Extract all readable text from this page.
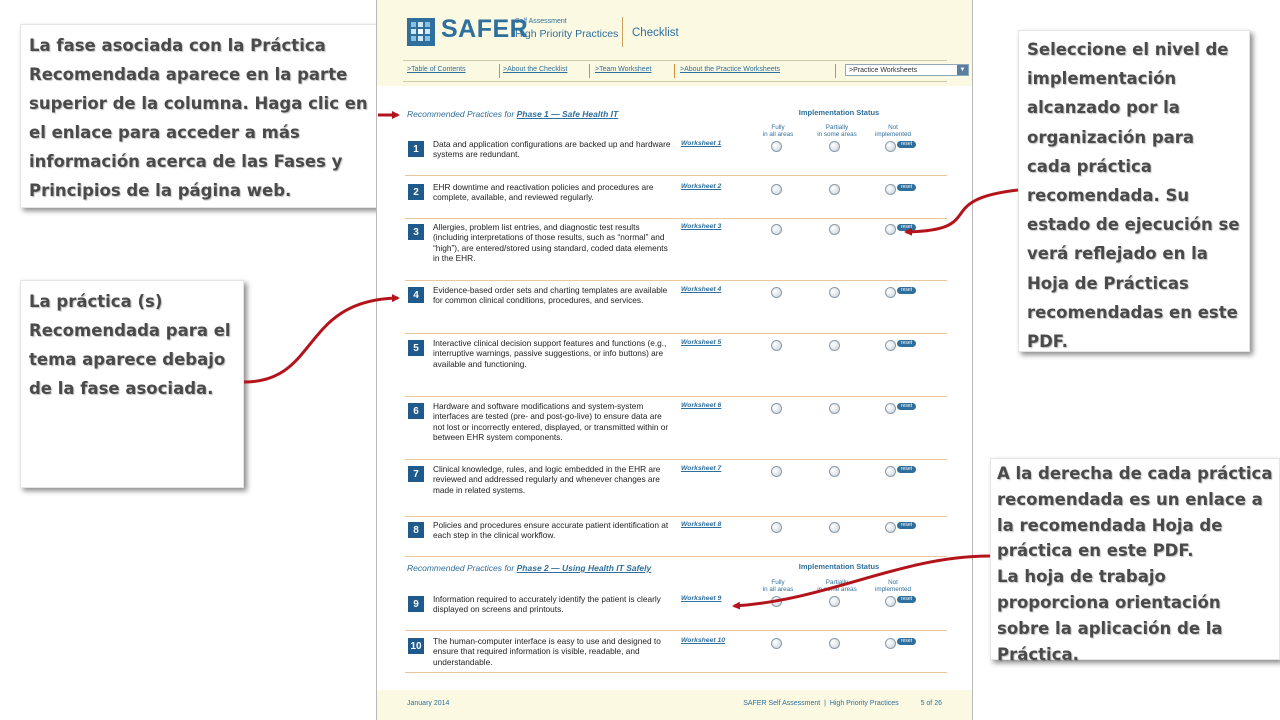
La fase asociada con la Práctica Recomendada aparece en la parte superior de la columna. Haga clic en el enlace para acceder a más información acerca de las Fases y Principios de la página web.

La práctica (s) Recomendada para el tema aparece debajo de la fase asociada.

Seleccione el nivel de implementación alcanzado por la organización para cada práctica recomendada. Su estado de ejecución se verá reflejado en la Hoja de Prácticas recomendadas en este PDF.

A la derecha de cada práctica recomendada es un enlace a la recomendada Hoja de práctica en este PDF.

La hoja de trabajo proporciona orientación sobre la aplicación de la Práctica.

SAFER
Self Assessment
High Priority Practices Checklist
>Table of Contents	>About the Checklist	>Team Worksheet	>About the Practice Worksheets	>Practice Worksheets	▼
Recommended Practices for Phase 1 — Safe Health IT	Implementation Status
Fully
in all areas
Partially
in some areas
Not
implemented
1	Data and application configurations are backed up and hardware systems are redundant.
Worksheet 1	reset
2	EHR downtime and reactivation policies and procedures are complete, available, and reviewed regularly.
Worksheet 2	reset
3	Allergies, problem list entries, and diagnostic test results (including interpretations of those results, such as “normal” and “high”), are entered/stored using standard, coded data elements in the EHR.
Worksheet 3	reset
4	Evidence-based order sets and charting templates are available for common clinical conditions, procedures, and services.
Worksheet 4	reset
5	Interactive clinical decision support features and functions (e.g., interruptive warnings, passive suggestions, or info buttons) are available and functioning.
Worksheet 5	reset
6	Hardware and software modifications and system-system interfaces are tested (pre- and post-go-live) to ensure data are not lost or incorrectly entered, displayed, or transmitted within or between EHR system components.
Worksheet 6	reset
7	Clinical knowledge, rules, and logic embedded in the EHR are reviewed and addressed regularly and whenever changes are made in related systems.
Worksheet 7	reset
8	Policies and procedures ensure accurate patient identification at each step in the clinical workflow.
Worksheet 8	reset
Recommended Practices for Phase 2 — Using Health IT Safely	Implementation Status
Fully
in all areas
Partially
in some areas
Not
implemented
9	Information required to accurately identify the patient is clearly displayed on screens and printouts.
Worksheet 9	reset
10 The human-computer interface is easy to use and designed to ensure that required information is visible, readable, and understandable.
Worksheet 10	reset
January 2014	SAFER Self Assessment  |  High Priority Practices	5 of 26
